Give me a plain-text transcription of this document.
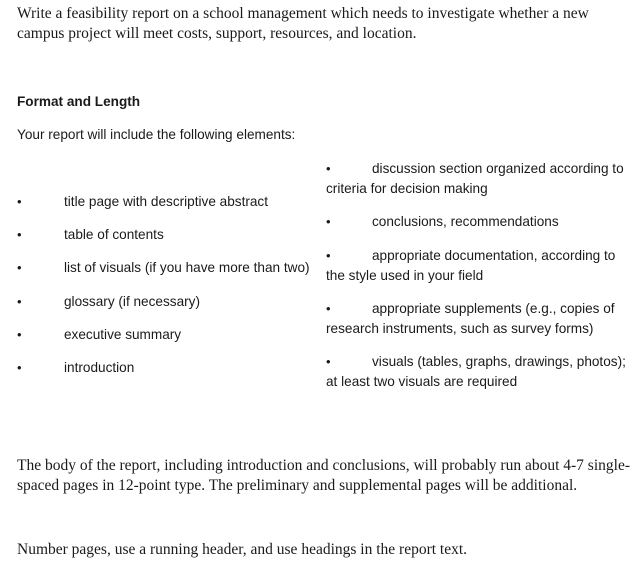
Write a feasibility report on a school management which needs to investigate whether a new campus project will meet costs, support, resources, and location.
Format and Length
Your report will include the following elements:
•	title page with descriptive abstract
•	table of contents
•	list of visuals (if you have more than two)
•	glossary (if necessary)
•	executive summary
•	introduction
•	discussion section organized according to criteria for decision making
•	conclusions, recommendations
•	appropriate documentation, according to the style used in your field
•	appropriate supplements (e.g., copies of research instruments, such as survey forms)
•	visuals (tables, graphs, drawings, photos); at least two visuals are required
The body of the report, including introduction and conclusions, will probably run about 4-7 single-spaced pages in 12-point type. The preliminary and supplemental pages will be additional.
Number pages, use a running header, and use headings in the report text.
